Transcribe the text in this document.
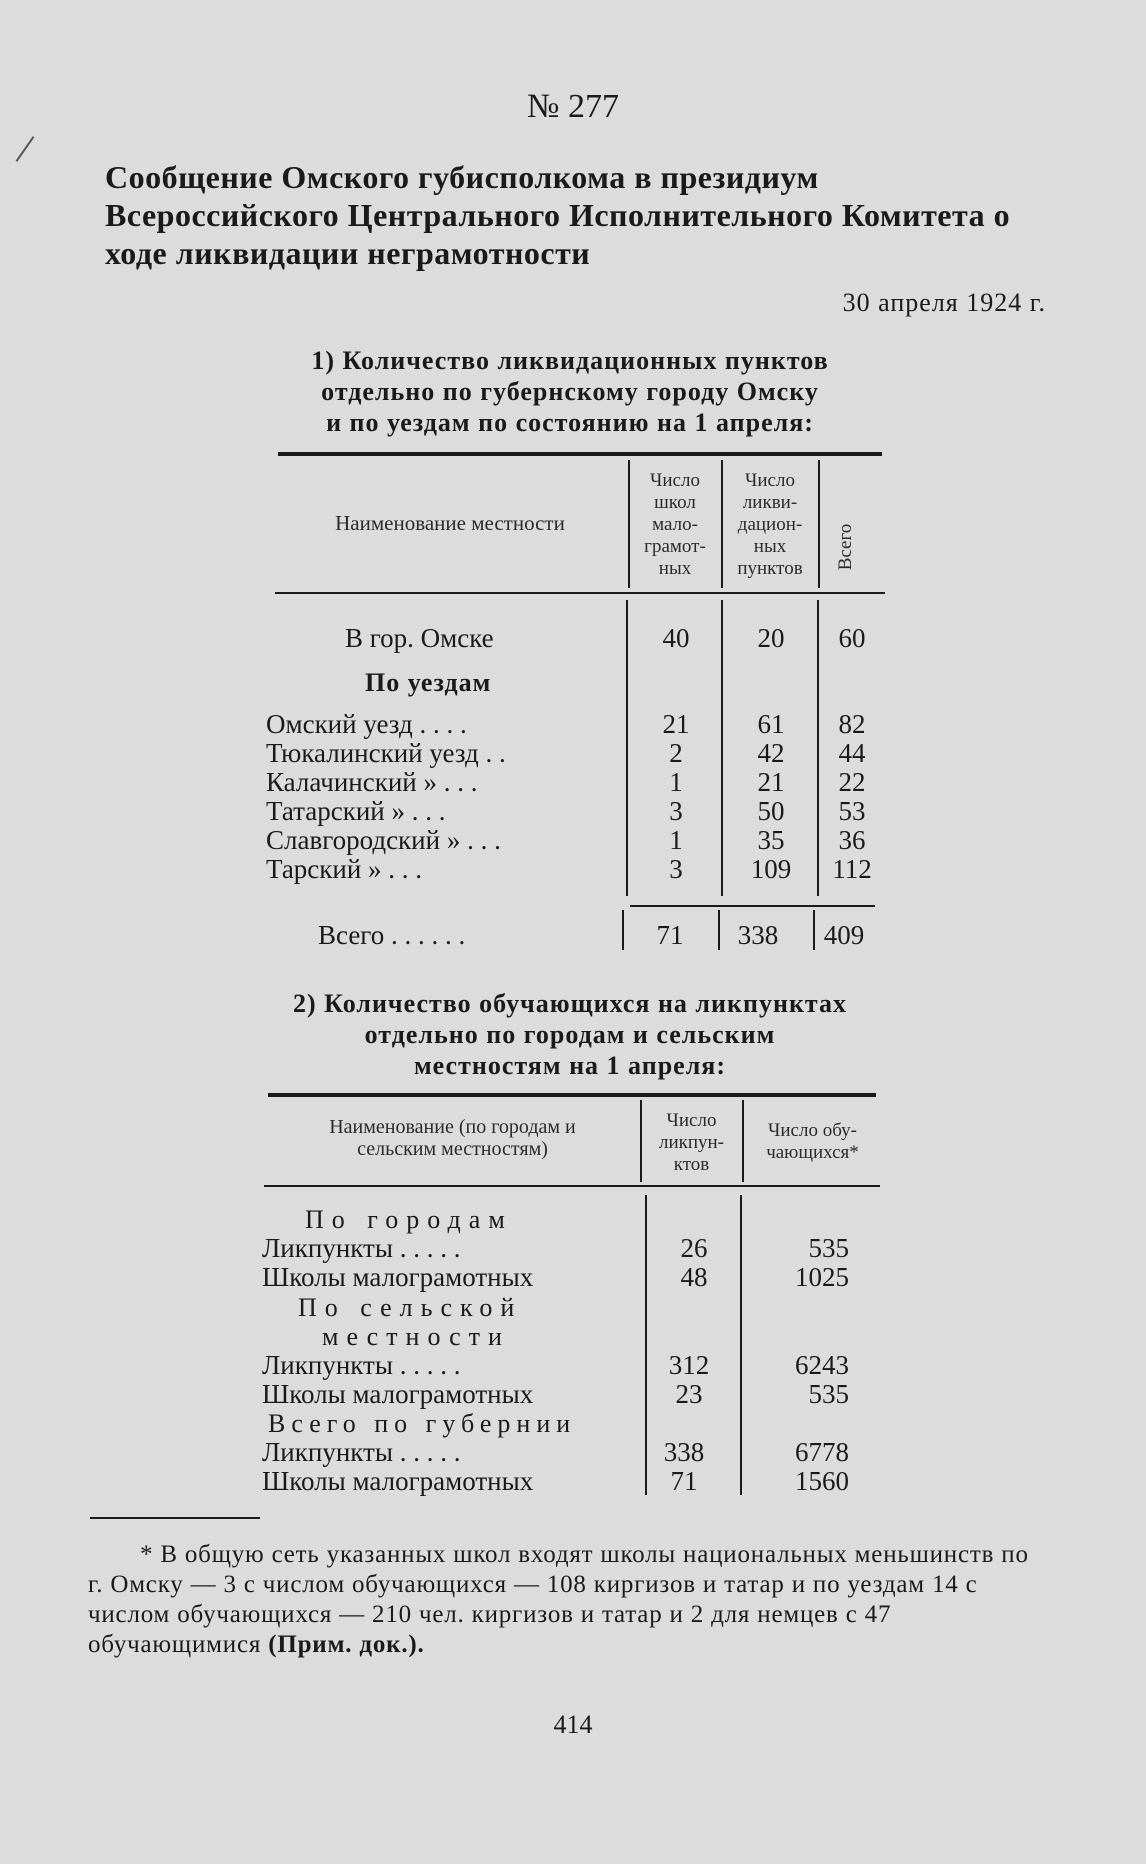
№ 277
Сообщение Омского губисполкома в президиум Всероссийского Центрального Исполнительного Комитета о ходе ликвидации неграмотности
30 апреля 1924 г.
1) Количество ликвидационных пунктов
отдельно по губернскому городу Омску
и по уездам по состоянию на 1 апреля:
Наименование местности
Число
школ
мало-
грамот-
ных
Число
ликви-
дацион-
ных
пунктов	Всего
В гор. Омске	40	20	60
По уездам
Омский уезд . . . .	21	61	82
Тюкалинский уезд . .	2	42	44
Калачинский » . . .	1	21	22
Татарский » . . .	3	50	53
Славгородский » . . .	1	35	36
Тарский » . . .	3	109	112
Всего . . . . . .	71	338	409
2) Количество обучающихся на ликпунктах
отдельно по городам и сельским
местностям на 1 апреля:
Наименование (по городам и
сельским местностям)
Число
ликпун-
ктов
Число обу-
чающихся*
По городам
Ликпункты . . . . .	26	535
Школы малограмотных	48	1025
По сельской
местности
Ликпункты . . . . .	312	6243
Школы малограмотных	23	535
Всего по губернии
Ликпункты . . . . .	338	6778
Школы малограмотных	71	1560
* В общую сеть указанных школ входят школы национальных меньшинств по г. Омску — 3 с числом обучающихся — 108 киргизов и татар и по уездам 14 с числом обучающихся — 210 чел. киргизов и татар и 2 для немцев с 47 обучающимися (Прим. док.).
414
